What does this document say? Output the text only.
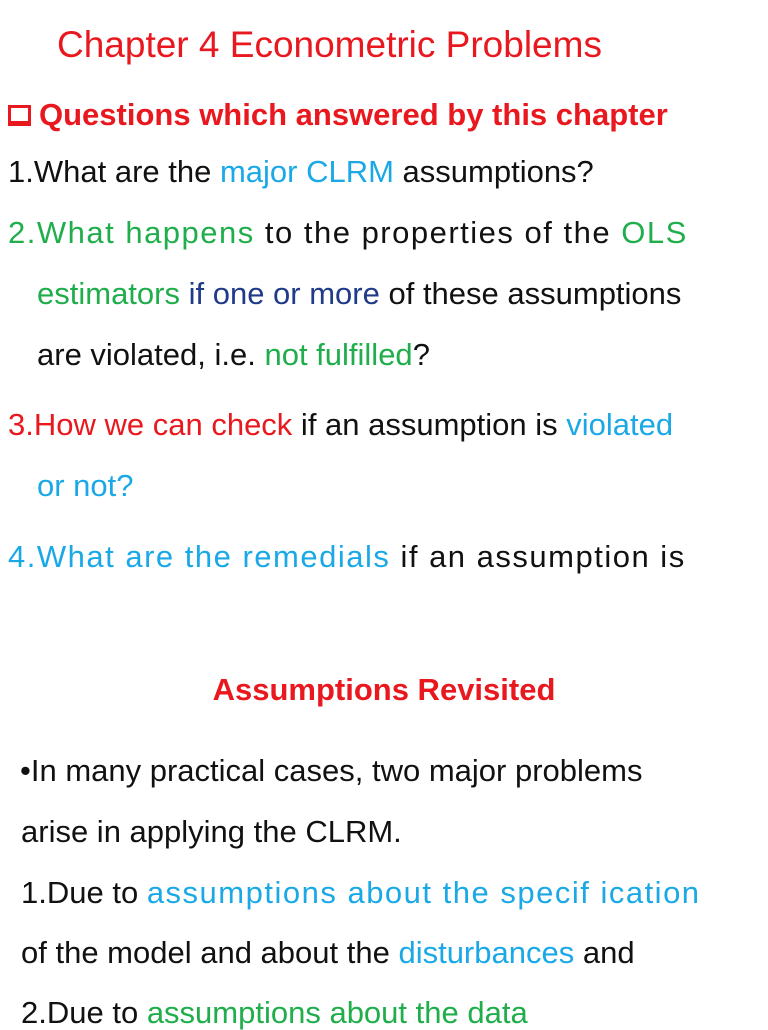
Chapter 4 Econometric Problems
Questions which answered by this chapter
1.What are the major CLRM assumptions?
2.What happens to the properties of the OLS
estimators if one or more of these assumptions
are violated, i.e. not fulfilled?
3.How we can check if an assumption is violated
or not?
4.What are the remedials if an assumption is
Assumptions Revisited
•In many practical cases, two major problems
arise in applying the CLRM.
1.Due to assumptions about the specif ication
of the model and about the disturbances and
2.Due to assumptions about the data
